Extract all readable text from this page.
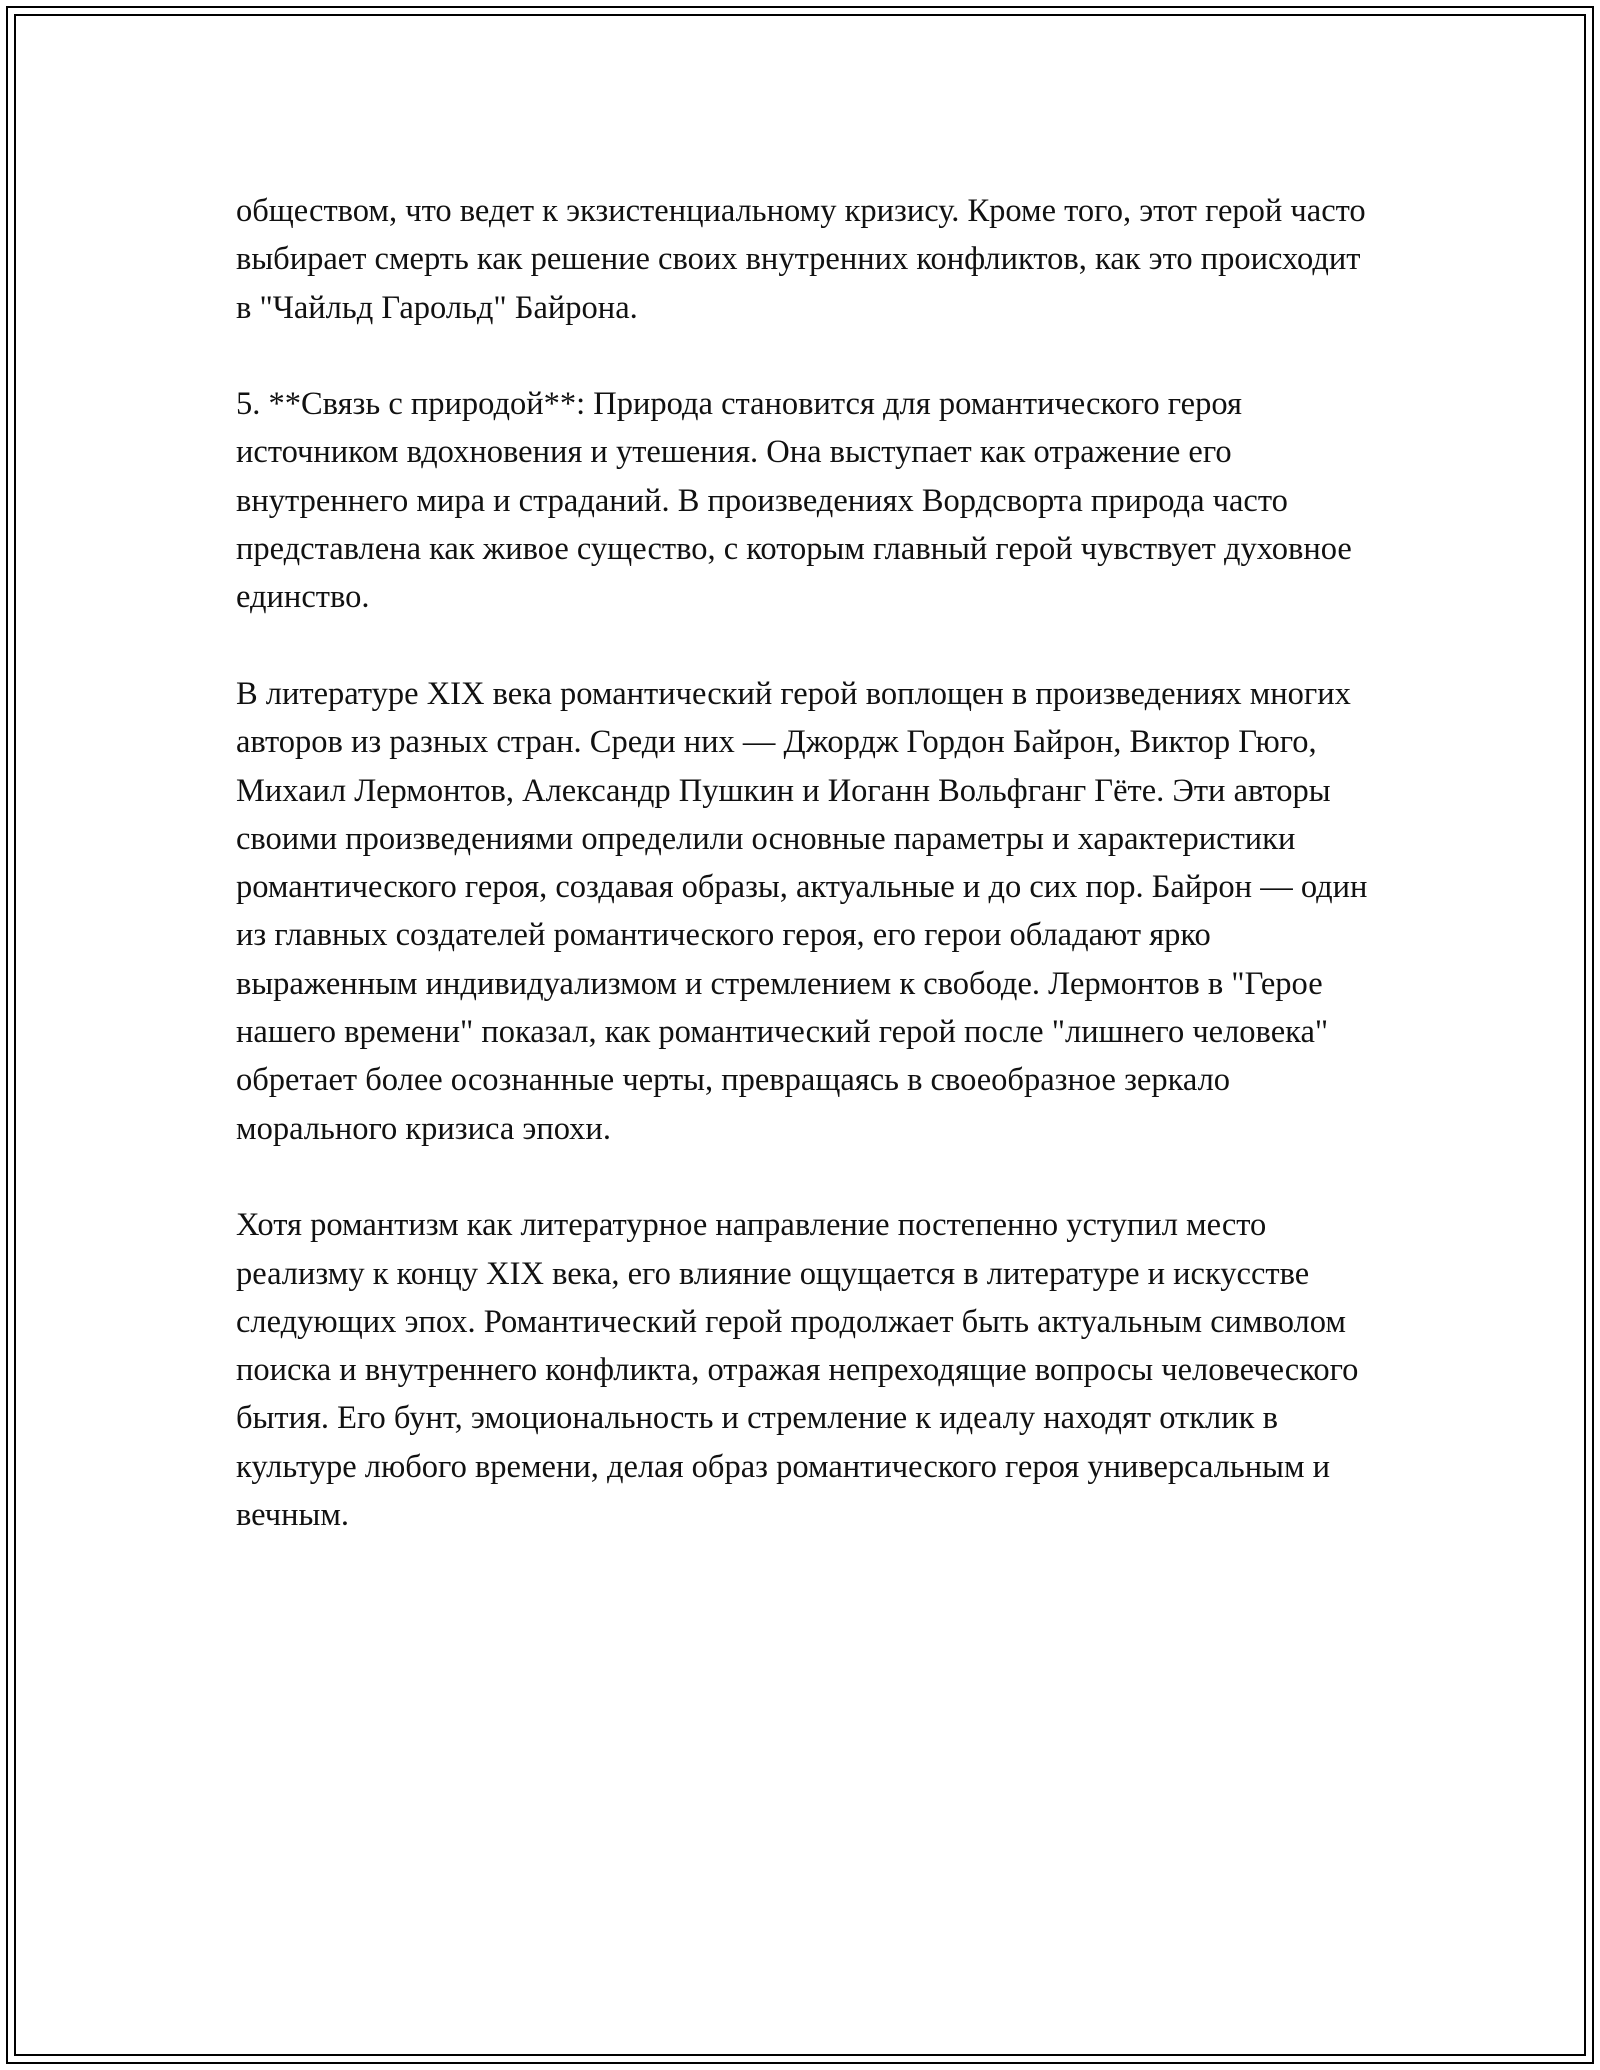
обществом, что ведет к экзистенциальному кризису. Кроме того, этот герой часто выбирает смерть как решение своих внутренних конфликтов, как это происходит в "Чайльд Гарольд" Байрона.

5. **Связь с природой**: Природа становится для романтического героя источником вдохновения и утешения. Она выступает как отражение его внутреннего мира и страданий. В произведениях Вордсворта природа часто представлена как живое существо, с которым главный герой чувствует духовное единство.

В литературе XIX века романтический герой воплощен в произведениях многих авторов из разных стран. Среди них — Джордж Гордон Байрон, Виктор Гюго, Михаил Лермонтов, Александр Пушкин и Иоганн Вольфганг Гёте. Эти авторы своими произведениями определили основные параметры и характеристики романтического героя, создавая образы, актуальные и до сих пор. Байрон — один из главных создателей романтического героя, его герои обладают ярко выраженным индивидуализмом и стремлением к свободе. Лермонтов в "Герое нашего времени" показал, как романтический герой после "лишнего человека" обретает более осознанные черты, превращаясь в своеобразное зеркало морального кризиса эпохи.

Хотя романтизм как литературное направление постепенно уступил место реализму к концу XIX века, его влияние ощущается в литературе и искусстве следующих эпох. Романтический герой продолжает быть актуальным символом поиска и внутреннего конфликта, отражая непреходящие вопросы человеческого бытия. Его бунт, эмоциональность и стремление к идеалу находят отклик в культуре любого времени, делая образ романтического героя универсальным и вечным.
